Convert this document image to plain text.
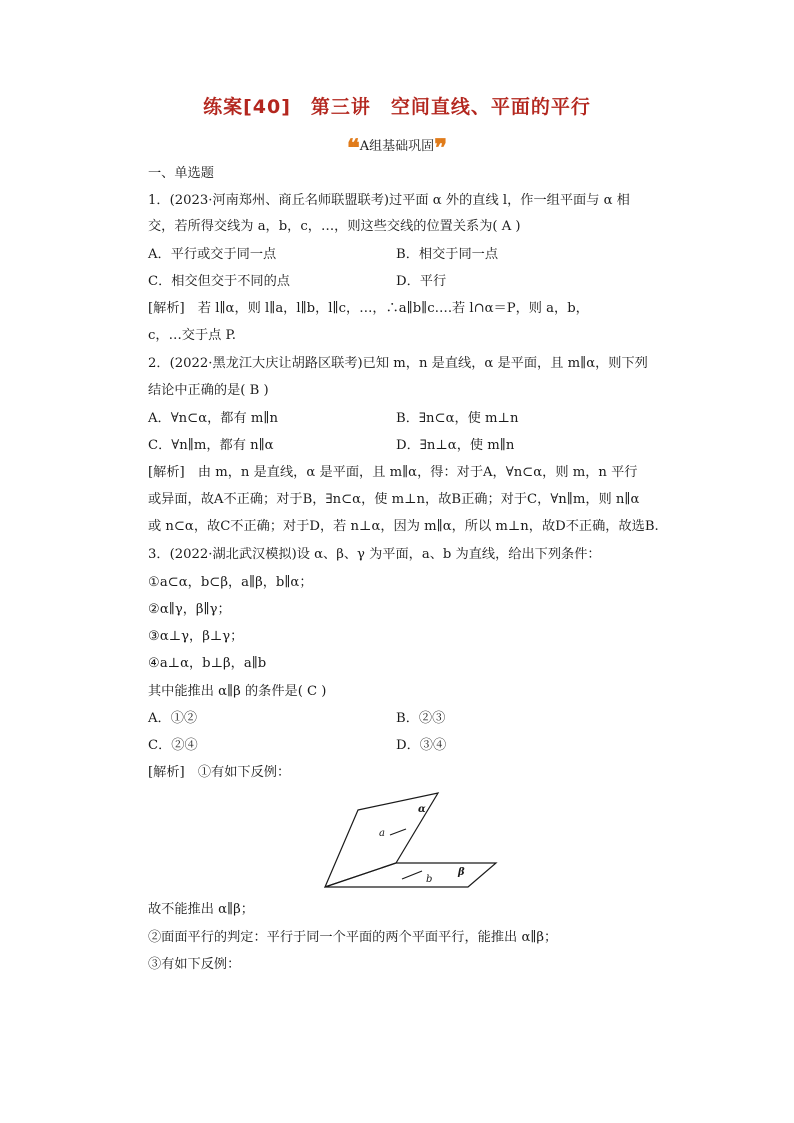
练案[40]　第三讲　空间直线、平面的平行
❝A组基础巩固❞
一、单选题
1．(2023·河南郑州、商丘名师联盟联考)过平面 α 外的直线 l，作一组平面与 α 相
交，若所得交线为 a，b，c，…，则这些交线的位置关系为( A )
A．平行或交于同一点	B．相交于同一点
C．相交但交于不同的点	D．平行
[解析]　若 l∥α，则 l∥a，l∥b，l∥c，…，∴a∥b∥c….若 l∩α＝P，则 a，b，
c，…交于点 P.
2．(2022·黑龙江大庆让胡路区联考)已知 m，n 是直线，α 是平面，且 m∥α，则下列
结论中正确的是( B )
A．∀n⊂α，都有 m∥n	B．∃n⊂α，使 m⊥n
C．∀n∥m，都有 n∥α	D．∃n⊥α，使 m∥n
[解析]　由 m，n 是直线，α 是平面，且 m∥α，得：对于A，∀n⊂α，则 m，n 平行
或异面，故A不正确；对于B，∃n⊂α，使 m⊥n，故B正确；对于C，∀n∥m，则 n∥α
或 n⊂α，故C不正确；对于D，若 n⊥α，因为 m∥α，所以 m⊥n，故D不正确，故选B.
3．(2022·湖北武汉模拟)设 α、β、γ 为平面，a、b 为直线，给出下列条件：
①a⊂α，b⊂β，a∥β，b∥α；
②α∥γ，β∥γ；
③α⊥γ，β⊥γ；
④a⊥α，b⊥β，a∥b
其中能推出 α∥β 的条件是( C )
A．①②	B．②③
C．②④	D．③④
[解析]　①有如下反例：
α
a
b
β
故不能推出 α∥β；
②面面平行的判定：平行于同一个平面的两个平面平行，能推出 α∥β；
③有如下反例：
